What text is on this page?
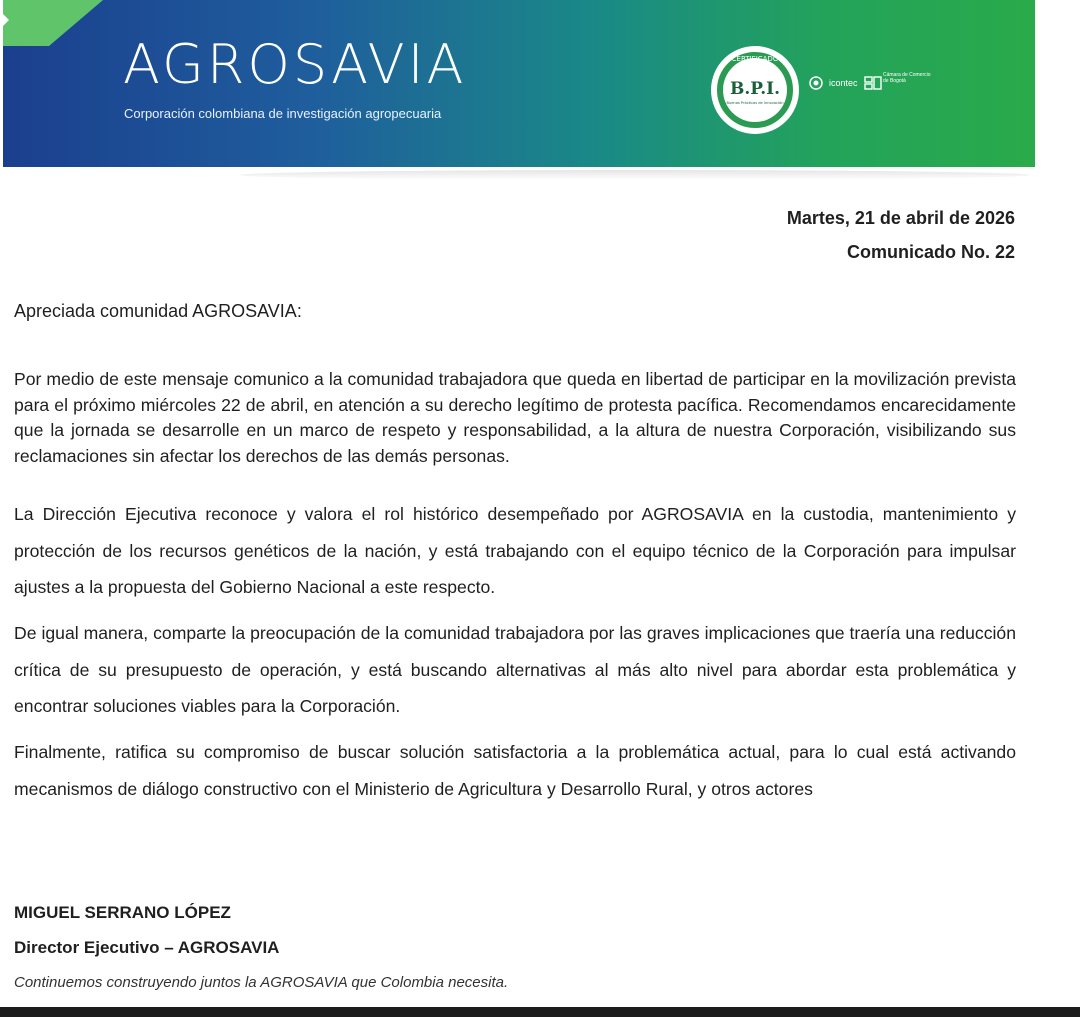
AGROSAVIA
Corporación colombiana de investigación agropecuaria
CERTIFICADO
B.P.I.
Buenas Prácticas de Innovación
icontec
Cámara de Comercio de Bogotá
Martes, 21 de abril de 2026
Comunicado No. 22
Apreciada comunidad AGROSAVIA:

Por medio de este mensaje comunico a la comunidad trabajadora que queda en libertad de participar en la movilización prevista para el próximo miércoles 22 de abril, en atención a su derecho legítimo de protesta pacífica. Recomendamos encarecidamente que la jornada se desarrolle en un marco de respeto y responsabilidad, a la altura de nuestra Corporación, visibilizando sus reclamaciones sin afectar los derechos de las demás personas.

La Dirección Ejecutiva reconoce y valora el rol histórico desempeñado por AGROSAVIA en la custodia, mantenimiento y protección de los recursos genéticos de la nación, y está trabajando con el equipo técnico de la Corporación para impulsar ajustes a la propuesta del Gobierno Nacional a este respecto.

De igual manera, comparte la preocupación de la comunidad trabajadora por las graves implicaciones que traería una reducción crítica de su presupuesto de operación, y está buscando alternativas al más alto nivel para abordar esta problemática y encontrar soluciones viables para la Corporación.

Finalmente, ratifica su compromiso de buscar solución satisfactoria a la problemática actual, para lo cual está activando mecanismos de diálogo constructivo con el Ministerio de Agricultura y Desarrollo Rural, y otros actores

MIGUEL SERRANO LÓPEZ
Director Ejecutivo – AGROSAVIA
Continuemos construyendo juntos la AGROSAVIA que Colombia necesita.
